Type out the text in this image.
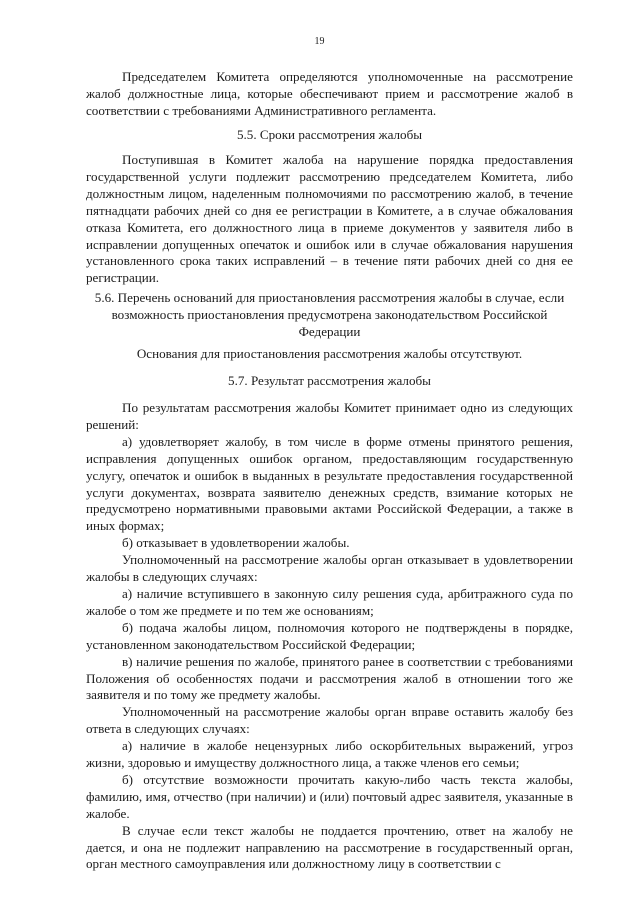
19

Председателем Комитета определяются уполномоченные на рассмотрение жалоб должностные лица, которые обеспечивают прием и рассмотрение жалоб в соответствии с требованиями Административного регламента.

5.5. Сроки рассмотрения жалобы

Поступившая в Комитет жалоба на нарушение порядка предоставления государственной услуги подлежит рассмотрению председателем Комитета, либо должностным лицом, наделенным полномочиями по рассмотрению жалоб, в течение пятнадцати рабочих дней со дня ее регистрации в Комитете, а в случае обжалования отказа Комитета, его должностного лица в приеме документов у заявителя либо в исправлении допущенных опечаток и ошибок или в случае обжалования нарушения установленного срока таких исправлений – в течение пяти рабочих дней со дня ее регистрации.

5.6. Перечень оснований для приостановления рассмотрения жалобы в случае, если возможность приостановления предусмотрена законодательством Российской Федерации

Основания для приостановления рассмотрения жалобы отсутствуют.

5.7. Результат рассмотрения жалобы

По результатам рассмотрения жалобы Комитет принимает одно из следующих решений:

а) удовлетворяет жалобу, в том числе в форме отмены принятого решения, исправления допущенных ошибок органом, предоставляющим государственную услугу, опечаток и ошибок в выданных в результате предоставления государственной услуги документах, возврата заявителю денежных средств, взимание которых не предусмотрено нормативными правовыми актами Российской Федерации, а также в иных формах;

б) отказывает в удовлетворении жалобы.

Уполномоченный на рассмотрение жалобы орган отказывает в удовлетворении жалобы в следующих случаях:

а) наличие вступившего в законную силу решения суда, арбитражного суда по жалобе о том же предмете и по тем же основаниям;

б) подача жалобы лицом, полномочия которого не подтверждены в порядке, установленном законодательством Российской Федерации;

в) наличие решения по жалобе, принятого ранее в соответствии с требованиями Положения об особенностях подачи и рассмотрения жалоб в отношении того же заявителя и по тому же предмету жалобы.

Уполномоченный на рассмотрение жалобы орган вправе оставить жалобу без ответа в следующих случаях:

а) наличие в жалобе нецензурных либо оскорбительных выражений, угроз жизни, здоровью и имуществу должностного лица, а также членов его семьи;

б) отсутствие возможности прочитать какую-либо часть текста жалобы, фамилию, имя, отчество (при наличии) и (или) почтовый адрес заявителя, указанные в жалобе.

В случае если текст жалобы не поддается прочтению, ответ на жалобу не дается, и она не подлежит направлению на рассмотрение в государственный орган, орган местного самоуправления или должностному лицу в соответствии с
